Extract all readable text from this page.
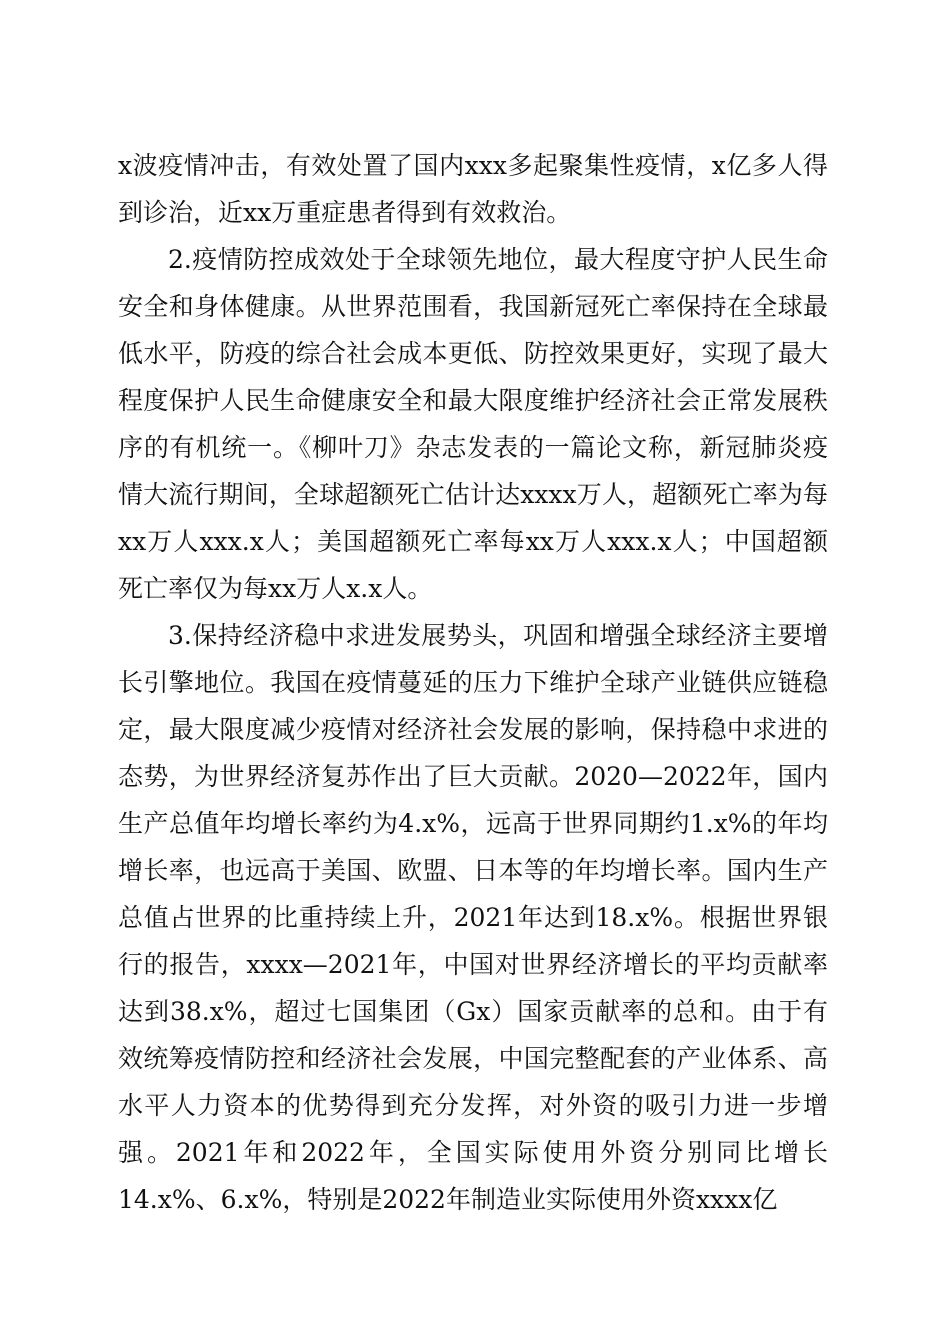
x波疫情冲击，有效处置了国内xxx多起聚集性疫情，x亿多人得到诊治，近xx万重症患者得到有效救治。

2.疫情防控成效处于全球领先地位，最大程度守护人民生命安全和身体健康。从世界范围看，我国新冠死亡率保持在全球最低水平，防疫的综合社会成本更低、防控效果更好，实现了最大程度保护人民生命健康安全和最大限度维护经济社会正常发展秩序的有机统一。《柳叶刀》杂志发表的一篇论文称，新冠肺炎疫情大流行期间，全球超额死亡估计达xxxx万人，超额死亡率为每xx万人xxx.x人；美国超额死亡率每xx万人xxx.x人；中国超额死亡率仅为每xx万人x.x人。

3.保持经济稳中求进发展势头，巩固和增强全球经济主要增长引擎地位。我国在疫情蔓延的压力下维护全球产业链供应链稳定，最大限度减少疫情对经济社会发展的影响，保持稳中求进的态势，为世界经济复苏作出了巨大贡献。2020—2022年，国内生产总值年均增长率约为4.x%，远高于世界同期约1.x%的年均增长率，也远高于美国、欧盟、日本等的年均增长率。国内生产总值占世界的比重持续上升，2021年达到18.x%。根据世界银行的报告，xxxx—2021年，中国对世界经济增长的平均贡献率达到38.x%，超过七国集团（Gx）国家贡献率的总和。由于有效统筹疫情防控和经济社会发展，中国完整配套的产业体系、高水平人力资本的优势得到充分发挥，对外资的吸引力进一步增强。2021年和2022年，全国实际使用外资分别同比增长14.x%、6.x%，特别是2022年制造业实际使用外资xxxx亿
